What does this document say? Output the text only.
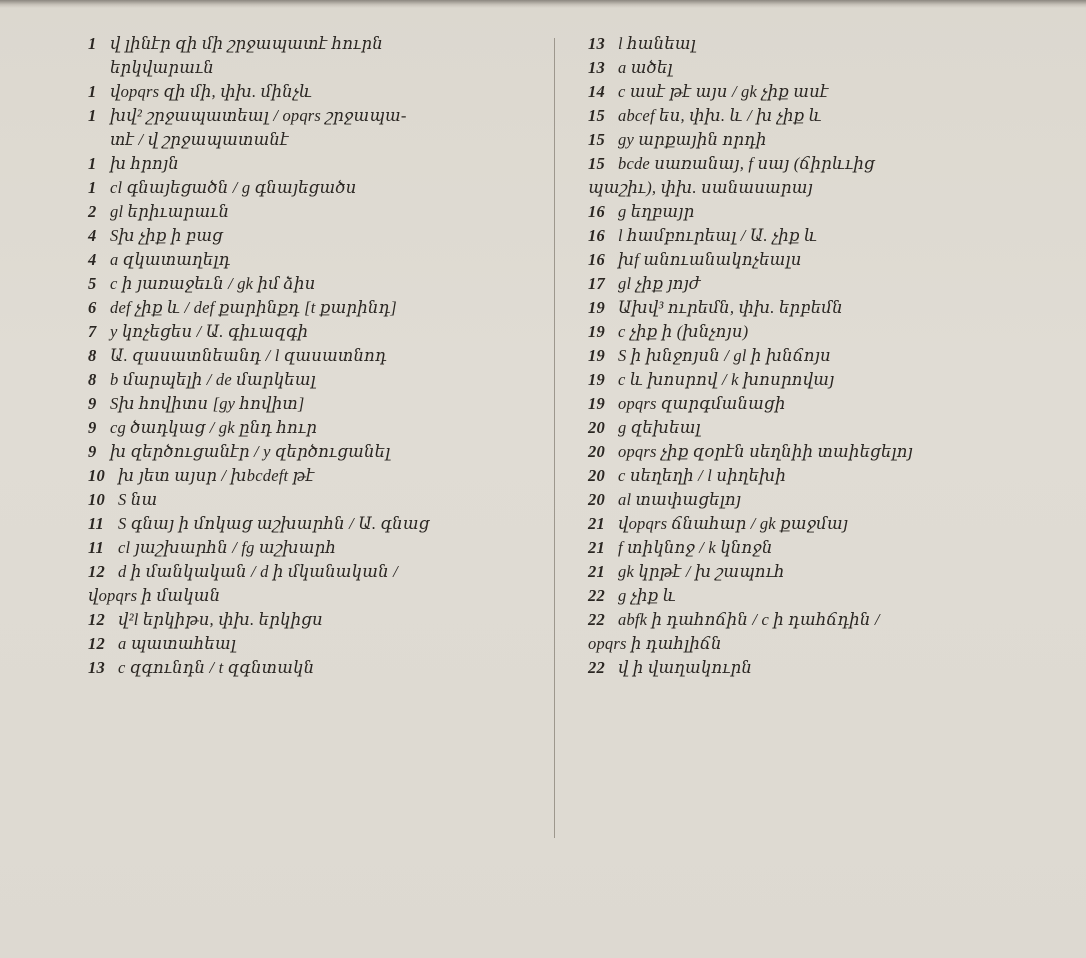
1 վ լինէր զի մի շրջապատէ հուրն
երկվարաւն
1 վopqrs զի մի, փխ. մինչև
1 խվ² շրջապատեալ / opqrs շրջապա-
տէ / վ շրջապատանէ
1 խ հրոյն
1 cl գնայեցածն / g գնայեցածս
2 gl երիւարաւն
4 Sխ չիք ի բաց
4 a զկատաղելդ
5 c ի յառաջեւն / gk իմ ձիս
6 def չիք և / def քարինքդ [t քարինդ]
7 y կոչեցես / Ա. գիւազգի
8 Ա. զասատնեանդ / l զասատնոդ
8 b մարպելի / de մարկեալ
9 Sխ հովիտս [gy հովիտ]
9 cg ծադկաց / gk ընդ հուր
9 խ զերծուցանէր / y զերծուցանել
10 խ յետ այսր / խbcdeft թէ
10 S նա
11 S գնայ ի մոկաց աշխարհն / Ա. գնաց
11 cl յաշխարհն / fg աշխարհ
12 d ի մանկական / d ի մկանական /
վopqrs ի մական
12 վ²l երկիթս, փխ. երկիցս
12 a պատահեալ
13 c զգունդն / t զգնտակն
13 l հանեալ
13 a ածել
14 c ասէ թէ այս / gk չիք ասէ
15 abcef ես, փխ. և / խ չիք և
15 gy արքային որդի
15 bcde սառանայ, f սայ (ճիրևւից
պաշիւ), փխ. սանասարայ
16 g եղբայր
16 l համբուրեալ / Ա. չիք և
16 խf անուանակոչեալս
17 gl չիք յոյժ
19 Ախվ³ ուրեմն, փխ. երբեմն
19 c չիք ի (խնչոյս)
19 S ի խնջոյսն / gl ի խնճոյս
19 c և խոսրով / k խոսրովայ
19 opqrs զարգմանացի
20 g զեխեալ
20 opqrs չիք զօրէն սեղնիի տաիեցելոյ
20 c սեղեղի / l սիղեխի
20 al տափացելոյ
21 վopqrs ճնահար / gk քաջմայ
21 f տիկնոջ / k կնոջն
21 gk կրթէ / խ շապուհ
22 g չիք և
22 abfk ի դահոճին / c ի դահճդին /
opqrs ի դահլիճն
22 վ ի վաղակուրն
